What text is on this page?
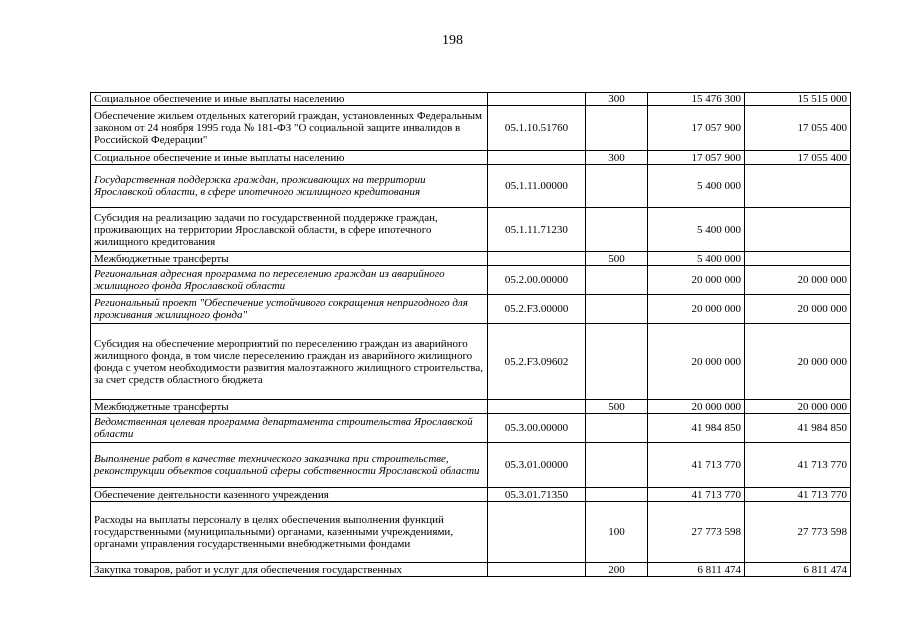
198
Социальное обеспечение и иные выплаты населению		300	15 476 300	15 515 000
Обеспечение жильем отдельных категорий граждан, установленных Федеральным законом от 24 ноября 1995 года № 181-ФЗ "О социальной защите инвалидов в Российской Федерации"	05.1.10.51760		17 057 900	17 055 400
Социальное обеспечение и иные выплаты населению		300	17 057 900	17 055 400
Государственная поддержка граждан, проживающих на территории Ярославской области, в сфере ипотечного жилищного кредитования	05.1.11.00000		5 400 000	
Субсидия на реализацию задачи по государственной поддержке граждан, проживающих на территории Ярославской области, в сфере ипотечного жилищного кредитования	05.1.11.71230		5 400 000	
Межбюджетные трансферты		500	5 400 000	
Региональная адресная программа по переселению граждан из аварийного жилищного фонда Ярославской области	05.2.00.00000		20 000 000	20 000 000
Региональный проект "Обеспечение устойчивого сокращения непригодного для проживания жилищного фонда"	05.2.F3.00000		20 000 000	20 000 000
Субсидия на обеспечение мероприятий по переселению граждан из аварийного жилищного фонда, в том числе переселению граждан из аварийного жилищного фонда с учетом необходимости развития малоэтажного жилищного строительства, за счет средств областного бюджета	05.2.F3.09602		20 000 000	20 000 000
Межбюджетные трансферты		500	20 000 000	20 000 000
Ведомственная целевая программа департамента строительства Ярославской области	05.3.00.00000		41 984 850	41 984 850
Выполнение работ в качестве технического заказчика при строительстве, реконструкции объектов социальной сферы собственности Ярославской области	05.3.01.00000		41 713 770	41 713 770
Обеспечение деятельности казенного учреждения	05.3.01.71350		41 713 770	41 713 770
Расходы на выплаты персоналу в целях обеспечения выполнения функций государственными (муниципальными) органами, казенными учреждениями, органами управления государственными внебюджетными фондами		100	27 773 598	27 773 598
Закупка товаров, работ и услуг для обеспечения государственных		200	6 811 474	6 811 474
